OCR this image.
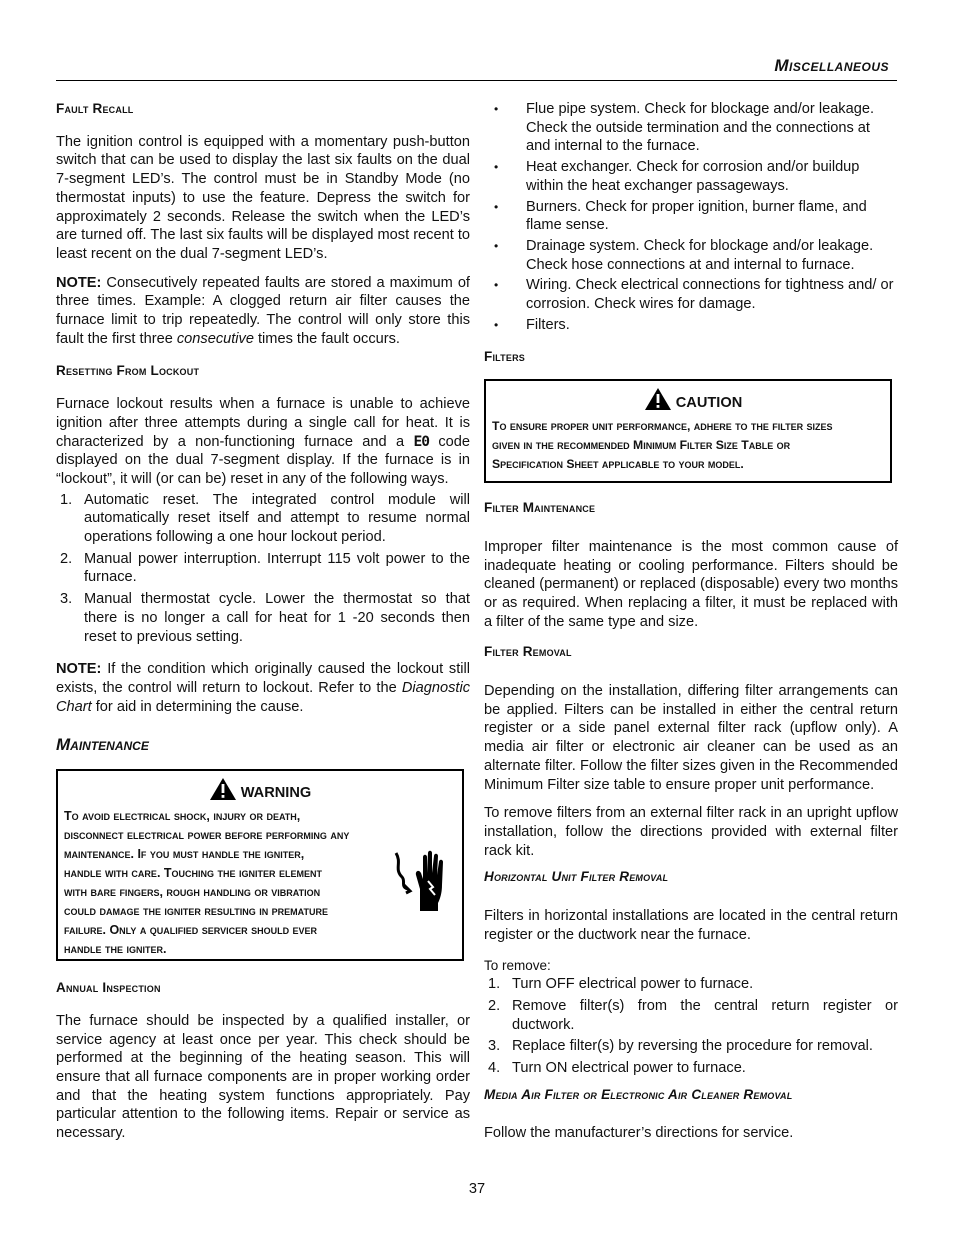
Miscellaneous
Fault Recall

The ignition control is equipped with a momentary push-button switch that can be used to display the last six faults on the dual 7-segment LED’s. The control must be in Standby Mode (no thermostat inputs) to use the feature. Depress the switch for approximately 2 seconds. Release the switch when the LED’s are turned off. The last six faults will be displayed most recent to least recent on the dual 7-segment LED’s.

NOTE: Consecutively repeated faults are stored a maximum of three times. Example: A clogged return air filter causes the furnace limit to trip repeatedly. The control will only store this fault the first three consecutive times the fault occurs.

Resetting From Lockout

Furnace lockout results when a furnace is unable to achieve ignition after three attempts during a single call for heat. It is characterized by a non-functioning furnace and a E0 code displayed on the dual 7-segment display. If the furnace is in “lockout”, it will (or can be) reset in any of the following ways.

1. Automatic reset. The integrated control module will automatically reset itself and attempt to resume normal operations following a one hour lockout period.
2. Manual power interruption. Interrupt 115 volt power to the furnace.
3. Manual thermostat cycle. Lower the thermostat so that there is no longer a call for heat for 1 -20 seconds then reset to previous setting.

NOTE: If the condition which originally caused the lockout still exists, the control will return to lockout. Refer to the Diagnostic Chart for aid in determining the cause.

Maintenance
WARNING
To avoid electrical shock, injury or death,
disconnect electrical power before performing any
maintenance. If you must handle the igniter,
handle with care. Touching the igniter element
with bare fingers, rough handling or vibration
could damage the igniter resulting in premature
failure. Only a qualified servicer should ever
handle the igniter.
Annual Inspection

The furnace should be inspected by a qualified installer, or service agency at least once per year. This check should be performed at the beginning of the heating season. This will ensure that all furnace components are in proper working order and that the heating system functions appropriately. Pay particular attention to the following items. Repair or service as necessary.

• Flue pipe system. Check for blockage and/or leakage. Check the outside termination and the connections at and internal to the furnace.
• Heat exchanger. Check for corrosion and/or buildup within the heat exchanger passageways.
• Burners. Check for proper ignition, burner flame, and flame sense.
• Drainage system. Check for blockage and/or leakage. Check hose connections at and internal to furnace.
• Wiring. Check electrical connections for tightness and/ or corrosion. Check wires for damage.
• Filters.
Filters
CAUTION
To ensure proper unit performance, adhere to the filter sizes
given in the recommended Minimum Filter Size Table or
Specification Sheet applicable to your model.
Filter Maintenance

Improper filter maintenance is the most common cause of inadequate heating or cooling performance. Filters should be cleaned (permanent) or replaced (disposable) every two months or as required. When replacing a filter, it must be replaced with a filter of the same type and size.

Filter Removal

Depending on the installation, differing filter arrangements can be applied. Filters can be installed in either the central return register or a side panel external filter rack (upflow only). A media air filter or electronic air cleaner can be used as an alternate filter. Follow the filter sizes given in the Recommended Minimum Filter size table to ensure proper unit performance.

To remove filters from an external filter rack in an upright upflow installation, follow the directions provided with external filter rack kit.

Horizontal Unit Filter Removal

Filters in horizontal installations are located in the central return register or the ductwork near the furnace.

To remove:
1. Turn OFF electrical power to furnace.
2. Remove filter(s) from the central return register or ductwork.
3. Replace filter(s) by reversing the procedure for removal.
4. Turn ON electrical power to furnace.
Media Air Filter or Electronic Air Cleaner Removal

Follow the manufacturer’s directions for service.

37
